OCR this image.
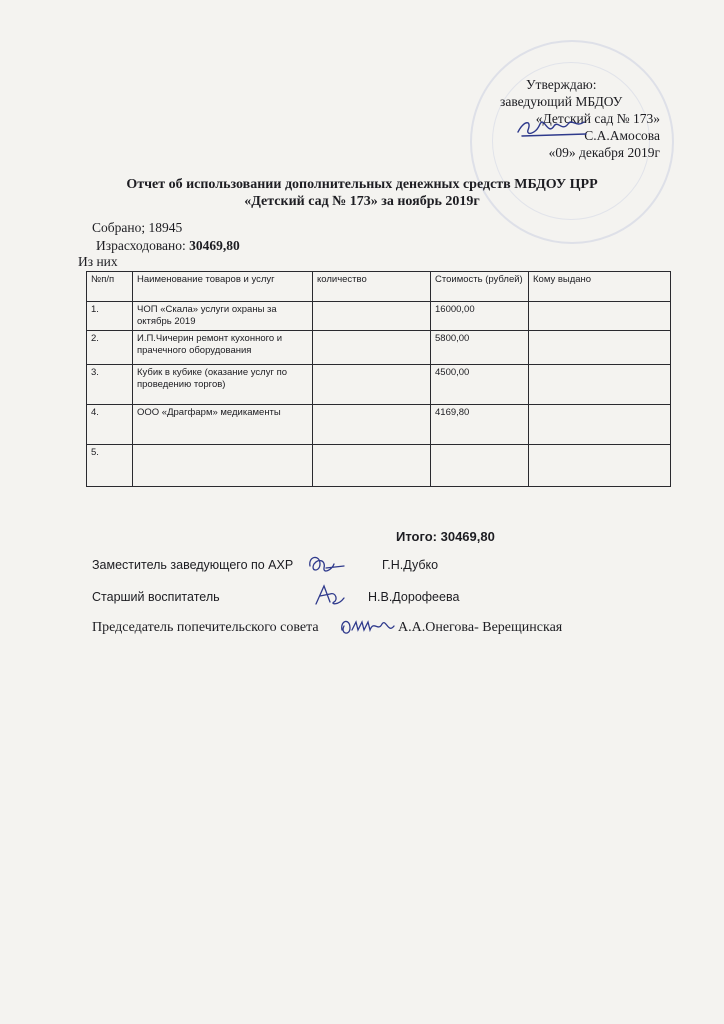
Утверждаю:
заведующий МБДОУ
«Детский сад № 173»
С.А.Амосова
«09» декабря 2019г
Отчет об использовании дополнительных денежных средств МБДОУ ЦРР
«Детский сад № 173» за ноябрь 2019г
Собрано; 18945
Израсходовано: 30469,80
Из них
№п/п	Наименование товаров и услуг	количество	Стоимость (рублей)	Кому выдано
1.	ЧОП «Скала» услуги охраны за октябрь 2019		16000,00	
2.	И.П.Чичерин ремонт кухонного и прачечного оборудования		5800,00	
3.	Кубик в кубике (оказание услуг по проведению торгов)		4500,00	
4.	ООО «Драгфарм» медикаменты		4169,80	
5.				
Итого: 30469,80
Заместитель заведующего по АХР	Г.Н.Дубко
Старший воспитатель	Н.В.Дорофеева
Председатель попечительского совета	А.А.Онегова- Верещинская
